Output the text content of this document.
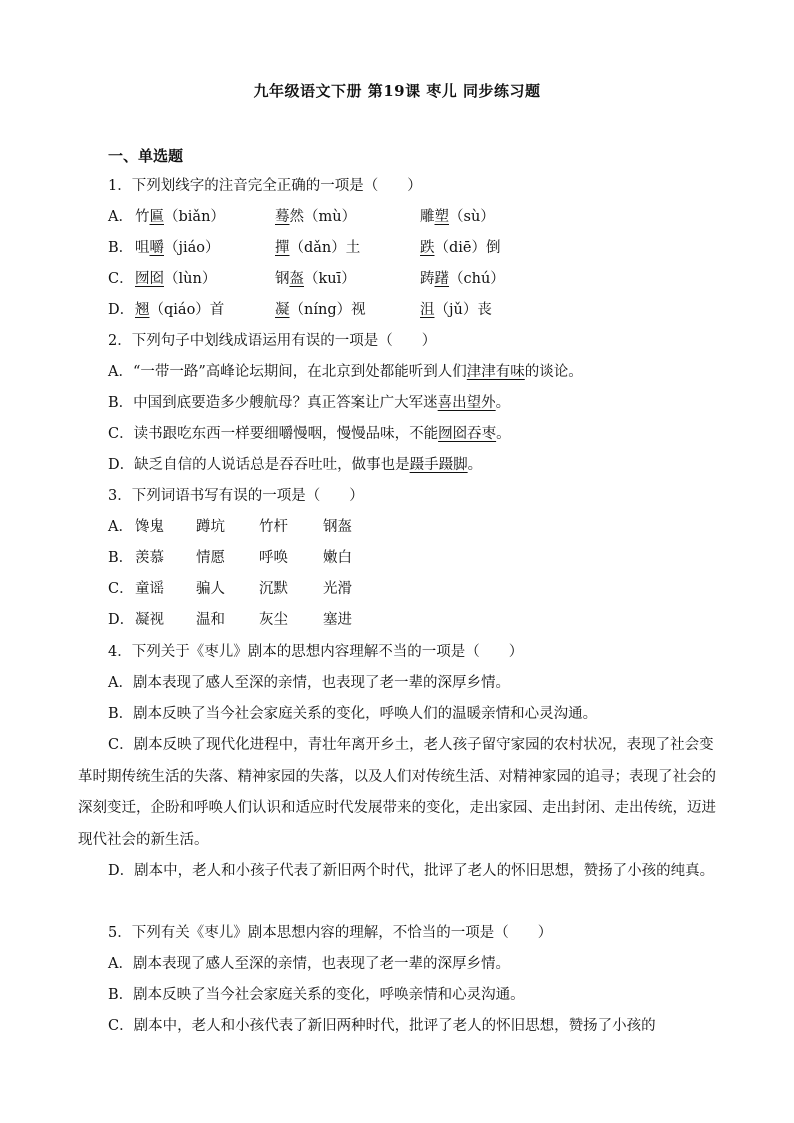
九年级语文下册 第19课 枣儿 同步练习题
一、单选题
1．下列划线字的注音完全正确的一项是（　　）
A． 竹匾（biǎn）	蓦然（mù）	雕塑（sù）
B． 咀嚼（jiáo）	撣（dǎn）土	跌（diē）倒
C． 囫囵（lùn）	钢盔（kuī）	踌躇（chú）
D． 翘（qiáo）首	凝（níng）视	沮（jǔ）丧
2．下列句子中划线成语运用有误的一项是（　　）
A．“一带一路”高峰论坛期间，在北京到处都能听到人们津津有味的谈论。
B．中国到底要造多少艘航母？真正答案让广大军迷喜出望外。
C．读书跟吃东西一样要细嚼慢咽，慢慢品味，不能囫囵吞枣。
D．缺乏自信的人说话总是吞吞吐吐，做事也是蹑手蹑脚。
3．下列词语书写有误的一项是（　　）
A． 馋鬼 蹲坑 竹杆 钢盔
B． 羡慕 情愿 呼唤 嫩白
C． 童谣 骗人 沉默 光滑
D． 凝视 温和 灰尘 塞进
4．下列关于《枣儿》剧本的思想内容理解不当的一项是（　　）
A．剧本表现了感人至深的亲情，也表现了老一辈的深厚乡情。
B．剧本反映了当今社会家庭关系的变化，呼唤人们的温暖亲情和心灵沟通。
C．剧本反映了现代化进程中，青壮年离开乡土，老人孩子留守家园的农村状况，表现了社会变革时期传统生活的失落、精神家园的失落，以及人们对传统生活、对精神家园的追寻；表现了社会的深刻变迁，企盼和呼唤人们认识和适应时代发展带来的变化，走出家园、走出封闭、走出传统，迈进现代社会的新生活。
D．剧本中，老人和小孩子代表了新旧两个时代，批评了老人的怀旧思想，赞扬了小孩的纯真。
5．下列有关《枣儿》剧本思想内容的理解，不恰当的一项是（　　）
A．剧本表现了感人至深的亲情，也表现了老一辈的深厚乡情。
B．剧本反映了当今社会家庭关系的变化，呼唤亲情和心灵沟通。
C．剧本中，老人和小孩代表了新旧两种时代，批评了老人的怀旧思想，赞扬了小孩的
